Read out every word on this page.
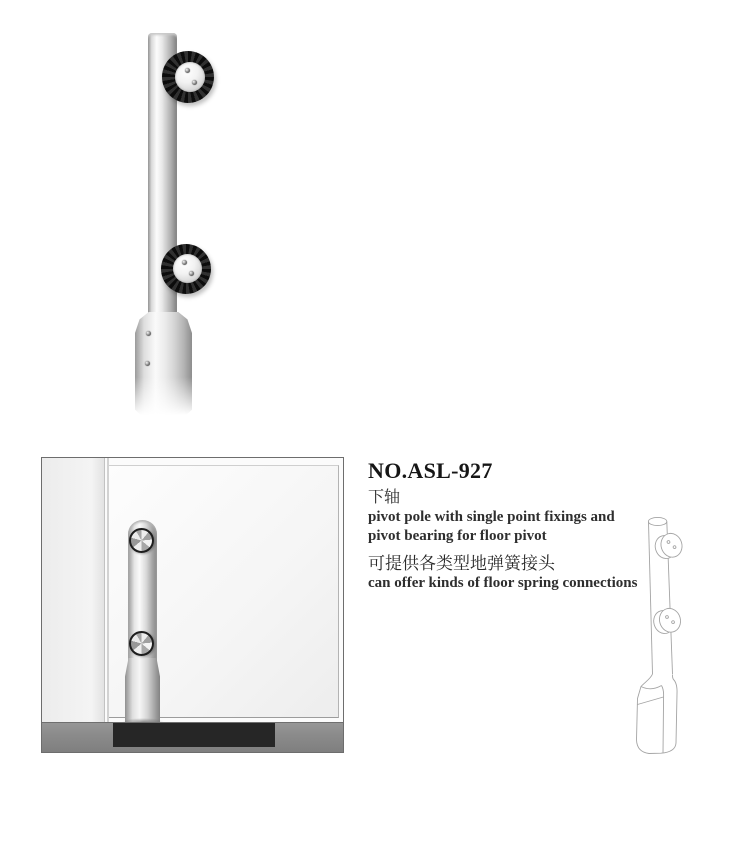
NO.ASL-927
下轴
pivot pole with single point fixings and
pivot bearing for floor pivot
可提供各类型地弹簧接头
can offer kinds of floor spring connections
